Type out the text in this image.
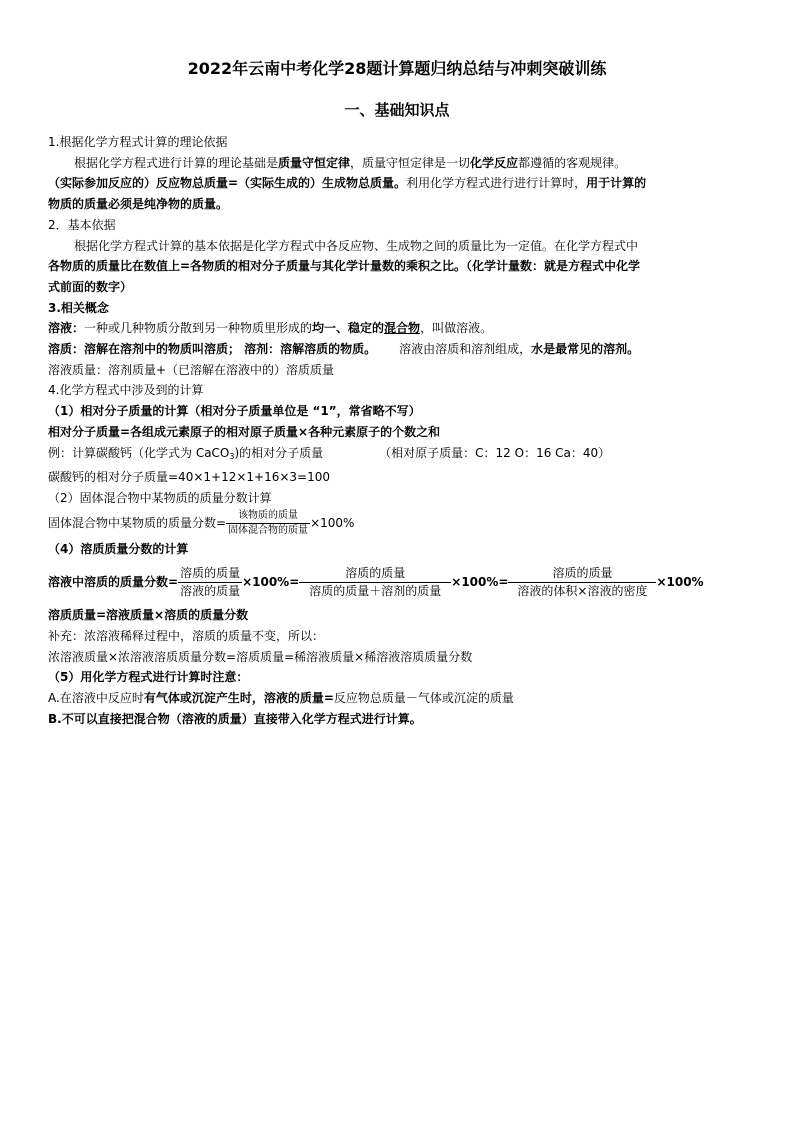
2022年云南中考化学28题计算题归纳总结与冲刺突破训练
一、基础知识点

1.根据化学方程式计算的理论依据

根据化学方程式进行计算的理论基础是质量守恒定律，质量守恒定律是一切化学反应都遵循的客观规律。

（实际参加反应的）反应物总质量=（实际生成的）生成物总质量。利用化学方程式进行进行计算时，用于计算的

物质的质量必须是纯净物的质量。

2．基本依据

根据化学方程式计算的基本依据是化学方程式中各反应物、生成物之间的质量比为一定值。在化学方程式中

各物质的质量比在数值上=各物质的相对分子质量与其化学计量数的乘积之比。（化学计量数：就是方程式中化学

式前面的数字）

3.相关概念

溶液：一种或几种物质分散到另一种物质里形成的均一、稳定的混合物，叫做溶液。

溶质：溶解在溶剂中的物质叫溶质； 溶剂：溶解溶质的物质。 溶液由溶质和溶剂组成，水是最常见的溶剂。

溶液质量：溶剂质量+（已溶解在溶液中的）溶质质量

4.化学方程式中涉及到的计算

（1）相对分子质量的计算（相对分子质量单位是 “1”，常省略不写）

相对分子质量=各组成元素原子的相对原子质量×各种元素原子的个数之和

例：计算碳酸钙（化学式为 CaCO$_3$)的相对分子质量	（相对原子质量：C：12 O：16 Ca：40）

碳酸钙的相对分子质量=40×1+12×1+16×3=100

（2）固体混合物中某物质的质量分数计算

固体混合物中某物质的质量分数= $\frac{\text{该物质的质量}}{\text{固体混合物的质量}} \times 100\%$

（4）溶质质量分数的计算

溶液中溶质的质量分数= $\frac{\text{溶质的质量}}{\text{溶液的质量}} \times 100\%= \frac{\text{溶质的质量}}{\text{溶质的质量＋溶剂的质量}} \times 100\%= \frac{\text{溶质的质量}}{\text{溶液的体积×溶液的密度}} \times 100\%$

溶质质量=溶液质量×溶质的质量分数

补充：浓溶液稀释过程中，溶质的质量不变，所以：

浓溶液质量×浓溶液溶质质量分数=溶质质量=稀溶液质量×稀溶液溶质质量分数

（5）用化学方程式进行计算时注意：

A.在溶液中反应时有气体或沉淀产生时，溶液的质量=反应物总质量－气体或沉淀的质量

B.不可以直接把混合物（溶液的质量）直接带入化学方程式进行计算。
